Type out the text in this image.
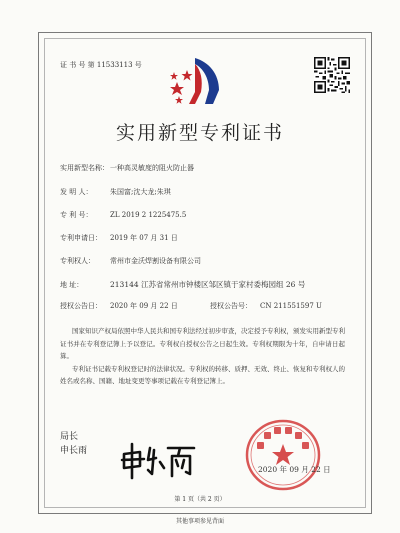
证 书 号 第 11533113 号
实用新型专利证书
实用新型名称：一种高灵敏度的阻火防止器
发 明 人：	朱国富;沈大龙;朱琪
专 利 号：	ZL 2019 2 1225475.5
专利申请日： 2019 年 07 月 31 日
专利权人： 常州市金沃焊割设备有限公司
地 址：	213144 江苏省常州市钟楼区邹区镇于家村委梅园组 26 号
授权公告日： 2020 年 09 月 22 日	授权公告号： CN 211551597 U

国家知识产权局依照中华人民共和国专利法经过初步审查，决定授予专利权，颁发实用新型专利证书并在专利登记簿上予以登记。专利权自授权公告之日起生效。专利权期限为十年，自申请日起算。

专利证书记载专利权登记时的法律状况。专利权的转移、质押、无效、终止、恢复和专利权人的姓名或名称、国籍、地址变更等事项记载在专利登记簿上。

局长
申长雨
2020 年 09 月 22 日
第 1 页（共 2 页）
其他事项参见背面
